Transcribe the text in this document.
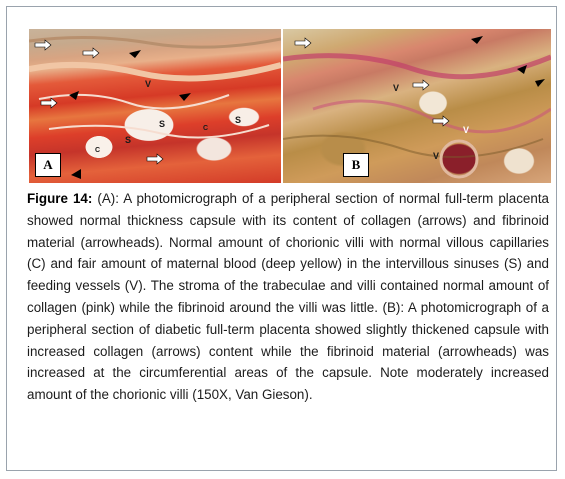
V
S
S
S
C
C
A
V
V
V
B
Figure 14: (A): A photomicrograph of a peripheral section of normal full-term placenta showed normal thickness capsule with its content of collagen (arrows) and fibrinoid material (arrowheads). Normal amount of chorionic villi with normal villous capillaries (C) and fair amount of maternal blood (deep yellow) in the intervillous sinuses (S) and feeding vessels (V). The stroma of the trabeculae and villi contained normal amount of collagen (pink) while the fibrinoid around the villi was little. (B): A photomicrograph of a peripheral section of diabetic full-term placenta showed slightly thickened capsule with increased collagen (arrows) content while the fibrinoid material (arrowheads) was increased at the circumferential areas of the capsule. Note moderately increased amount of the chorionic villi (150X, Van Gieson).
